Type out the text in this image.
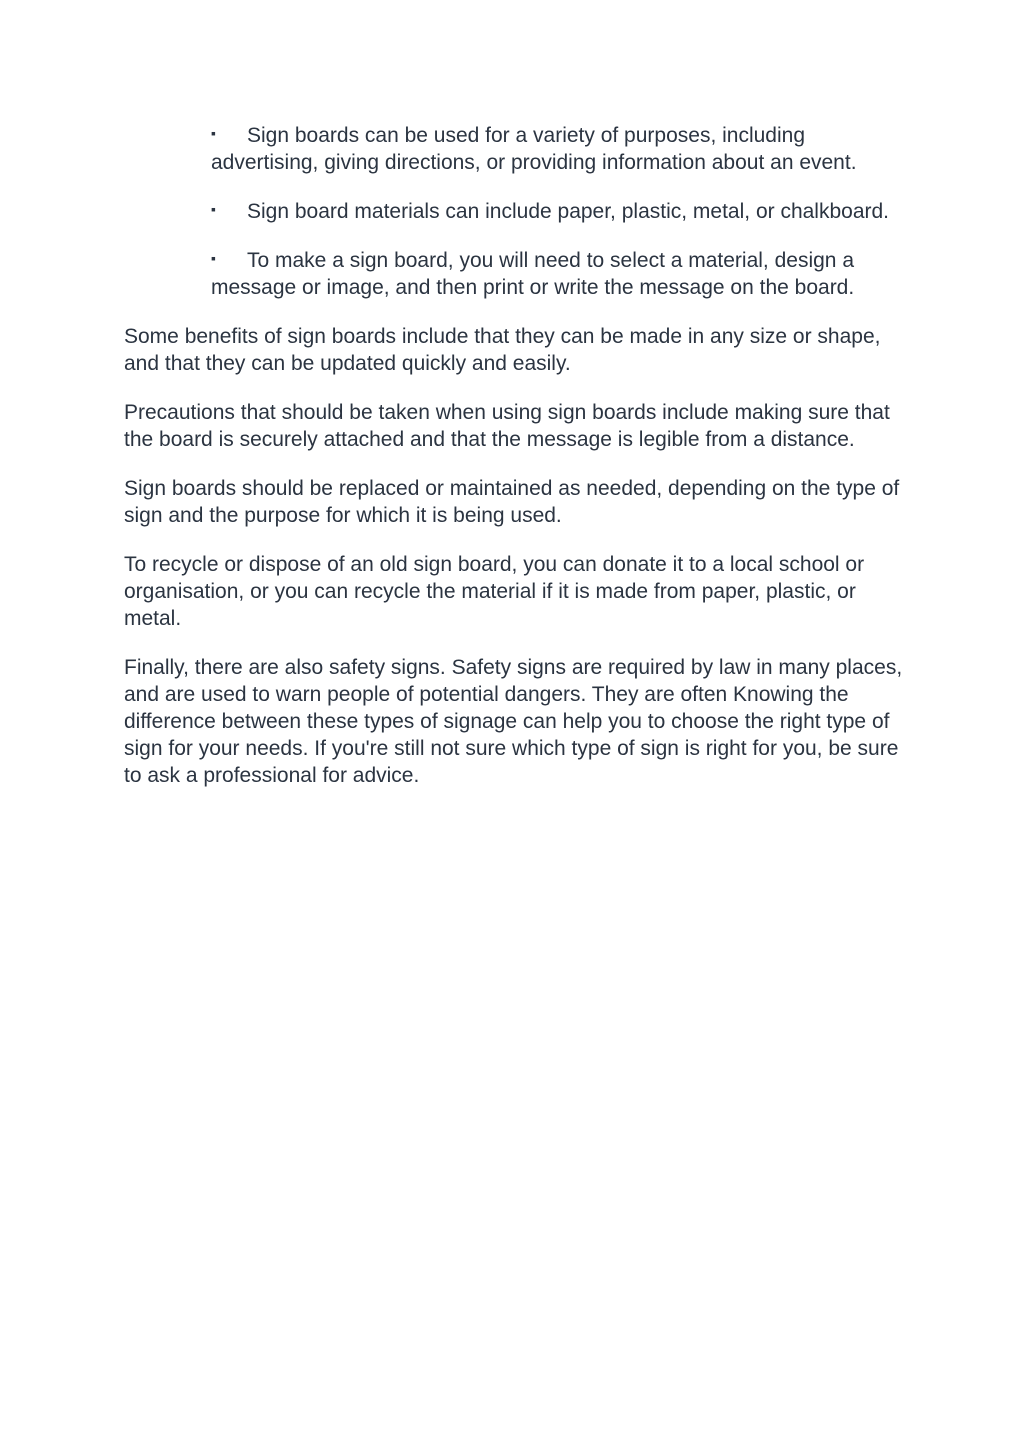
▪ Sign boards can be used for a variety of purposes, including advertising, giving directions, or providing information about an event.
▪ Sign board materials can include paper, plastic, metal, or chalkboard.
▪ To make a sign board, you will need to select a material, design a message or image, and then print or write the message on the board.

Some benefits of sign boards include that they can be made in any size or shape, and that they can be updated quickly and easily.

Precautions that should be taken when using sign boards include making sure that the board is securely attached and that the message is legible from a distance.

Sign boards should be replaced or maintained as needed, depending on the type of sign and the purpose for which it is being used.

To recycle or dispose of an old sign board, you can donate it to a local school or organisation, or you can recycle the material if it is made from paper, plastic, or metal.

Finally, there are also safety signs. Safety signs are required by law in many places, and are used to warn people of potential dangers. They are often Knowing the difference between these types of signage can help you to choose the right type of sign for your needs. If you're still not sure which type of sign is right for you, be sure to ask a professional for advice.
